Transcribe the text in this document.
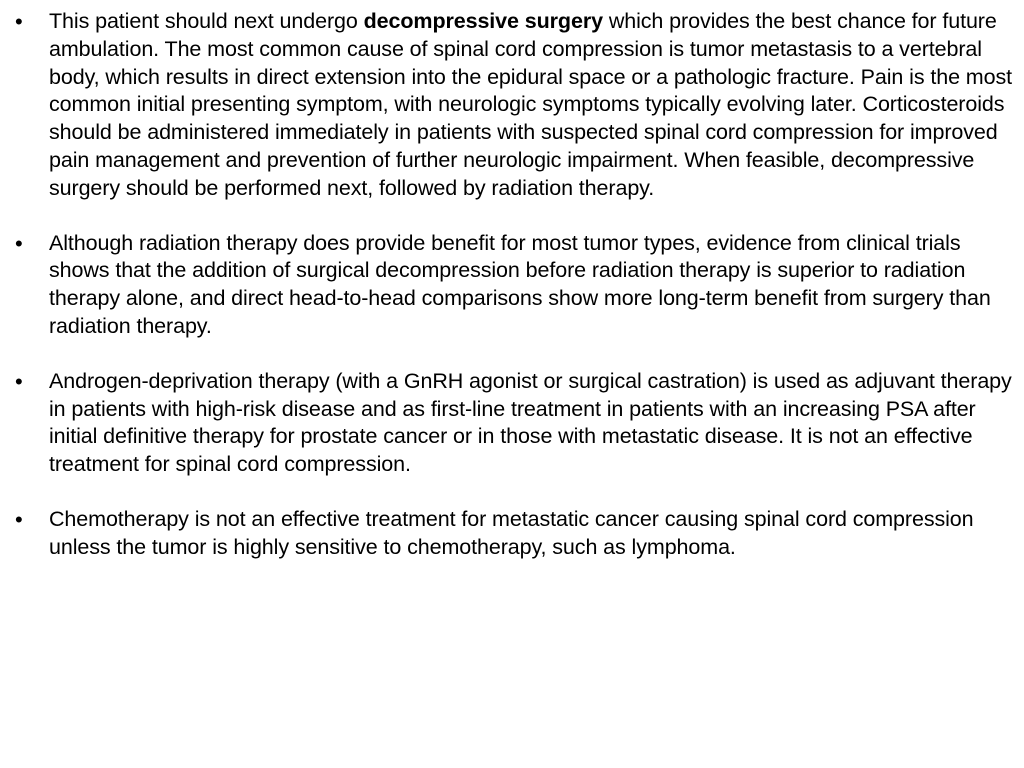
•	This patient should next undergo decompressive surgery which provides the best chance for future ambulation. The most common cause of spinal cord compression is tumor metastasis to a vertebral body, which results in direct extension into the epidural space or a pathologic fracture. Pain is the most common initial presenting symptom, with neurologic symptoms typically evolving later. Corticosteroids should be administered immediately in patients with suspected spinal cord compression for improved pain management and prevention of further neurologic impairment. When feasible, decompressive surgery should be performed next, followed by radiation therapy.
•	Although radiation therapy does provide benefit for most tumor types, evidence from clinical trials shows that the addition of surgical decompression before radiation therapy is superior to radiation therapy alone, and direct head-to-head comparisons show more long-term benefit from surgery than radiation therapy.
•	Androgen-deprivation therapy (with a GnRH agonist or surgical castration) is used as adjuvant therapy in patients with high-risk disease and as first-line treatment in patients with an increasing PSA after initial definitive therapy for prostate cancer or in those with metastatic disease. It is not an effective treatment for spinal cord compression.
•	Chemotherapy is not an effective treatment for metastatic cancer causing spinal cord compression unless the tumor is highly sensitive to chemotherapy, such as lymphoma.
